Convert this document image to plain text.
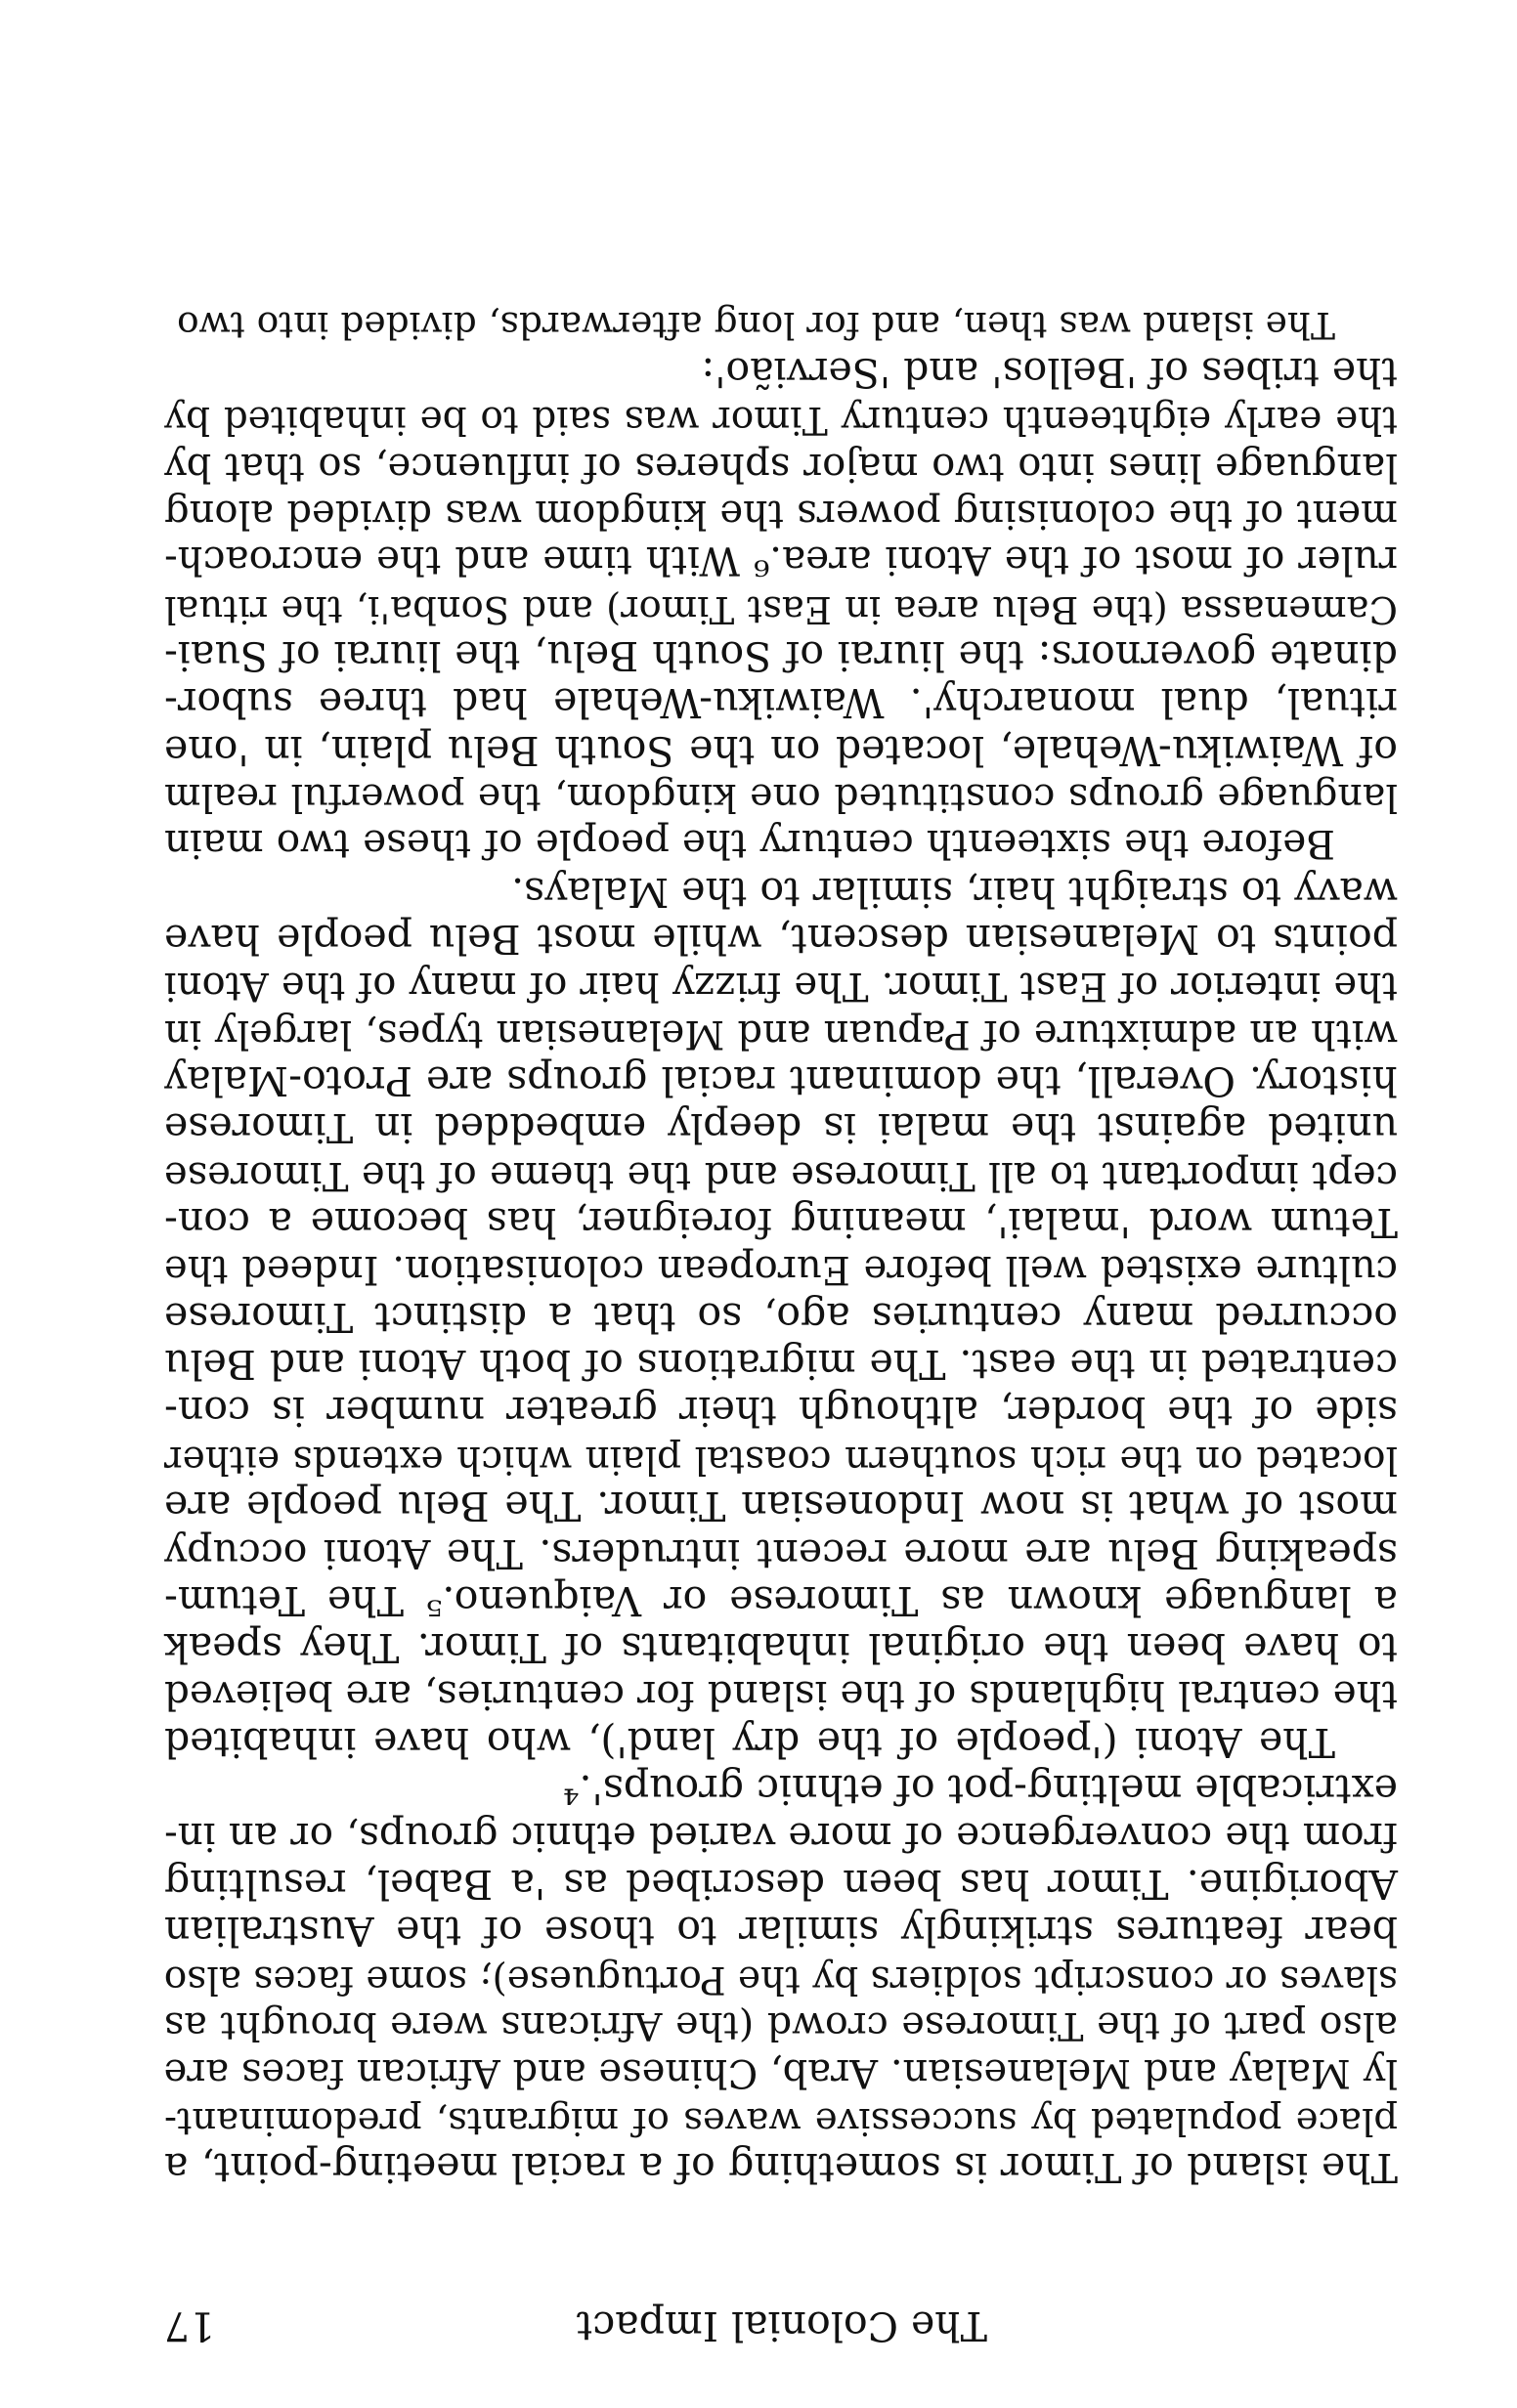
The Colonial Impact
17
The island of Timor is something of a racial meeting-point, a
place populated by successive waves of migrants, predominant-
ly Malay and Melanesian. Arab, Chinese and African faces are
also part of the Timorese crowd (the Africans were brought as
slaves or conscript soldiers by the Portuguese); some faces also
bear features strikingly similar to those of the Australian
Aborigine. Timor has been described as 'a Babel, resulting
from the convergence of more varied ethnic groups, or an in-
extricable melting-pot of ethnic groups'.⁴
The Atoni ('people of the dry land'), who have inhabited
the central highlands of the island for centuries, are believed
to have been the original inhabitants of Timor. They speak
a language known as Timorese or Vaiqueno.⁵ The Tetum-
speaking Belu are more recent intruders. The Atoni occupy
most of what is now Indonesian Timor. The Belu people are
located on the rich southern coastal plain which extends either
side of the border, although their greater number is con-
centrated in the east. The migrations of both Atoni and Belu
occurred many centuries ago, so that a distinct Timorese
culture existed well before European colonisation. Indeed the
Tetum word 'malai', meaning foreigner, has become a con-
cept important to all Timorese and the theme of the Timorese
united against the malai is deeply embedded in Timorese
history. Overall, the dominant racial groups are Proto-Malay
with an admixture of Papuan and Melanesian types, largely in
the interior of East Timor. The frizzy hair of many of the Atoni
points to Melanesian descent, while most Belu people have
wavy to straight hair, similar to the Malays.
Before the sixteenth century the people of these two main
language groups constituted one kingdom, the powerful realm
of Waiwiku-Wehale, located on the South Belu plain, in 'one
ritual, dual monarchy'. Waiwiku-Wehale had three subor-
dinate governors: the liurai of South Belu, the liurai of Suai-
Camenassa (the Belu area in East Timor) and Sonba'i, the ritual
ruler of most of the Atoni area.⁶ With time and the encroach-
ment of the colonising powers the kingdom was divided along
language lines into two major spheres of influence, so that by
the early eighteenth century Timor was said to be inhabited by
the tribes of 'Bellos' and 'Servião':
The island was then, and for long afterwards, divided into two
